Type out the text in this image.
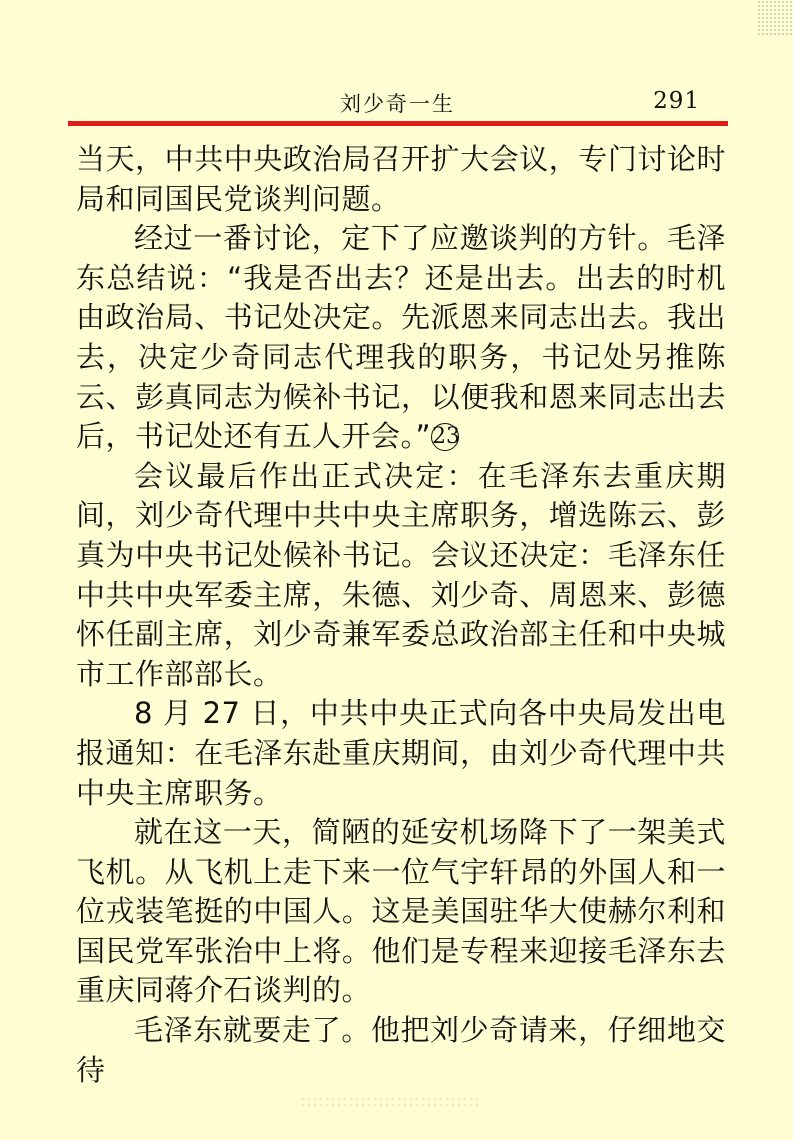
刘少奇一生	291

当天，中共中央政治局召开扩大会议，专门讨论时局和同国民党谈判问题。

经过一番讨论，定下了应邀谈判的方针。毛泽东总结说：“我是否出去？还是出去。出去的时机由政治局、书记处决定。先派恩来同志出去。我出去，决定少奇同志代理我的职务，书记处另推陈云、彭真同志为候补书记，以便我和恩来同志出去后，书记处还有五人开会。”23

会议最后作出正式决定：在毛泽东去重庆期间，刘少奇代理中共中央主席职务，增选陈云、彭真为中央书记处候补书记。会议还决定：毛泽东任中共中央军委主席，朱德、刘少奇、周恩来、彭德怀任副主席，刘少奇兼军委总政治部主任和中央城市工作部部长。

8 月 27 日，中共中央正式向各中央局发出电报通知：在毛泽东赴重庆期间，由刘少奇代理中共中央主席职务。

就在这一天，简陋的延安机场降下了一架美式飞机。从飞机上走下来一位气宇轩昂的外国人和一位戎装笔挺的中国人。这是美国驻华大使赫尔利和国民党军张治中上将。他们是专程来迎接毛泽东去重庆同蒋介石谈判的。

毛泽东就要走了。他把刘少奇请来，仔细地交待
